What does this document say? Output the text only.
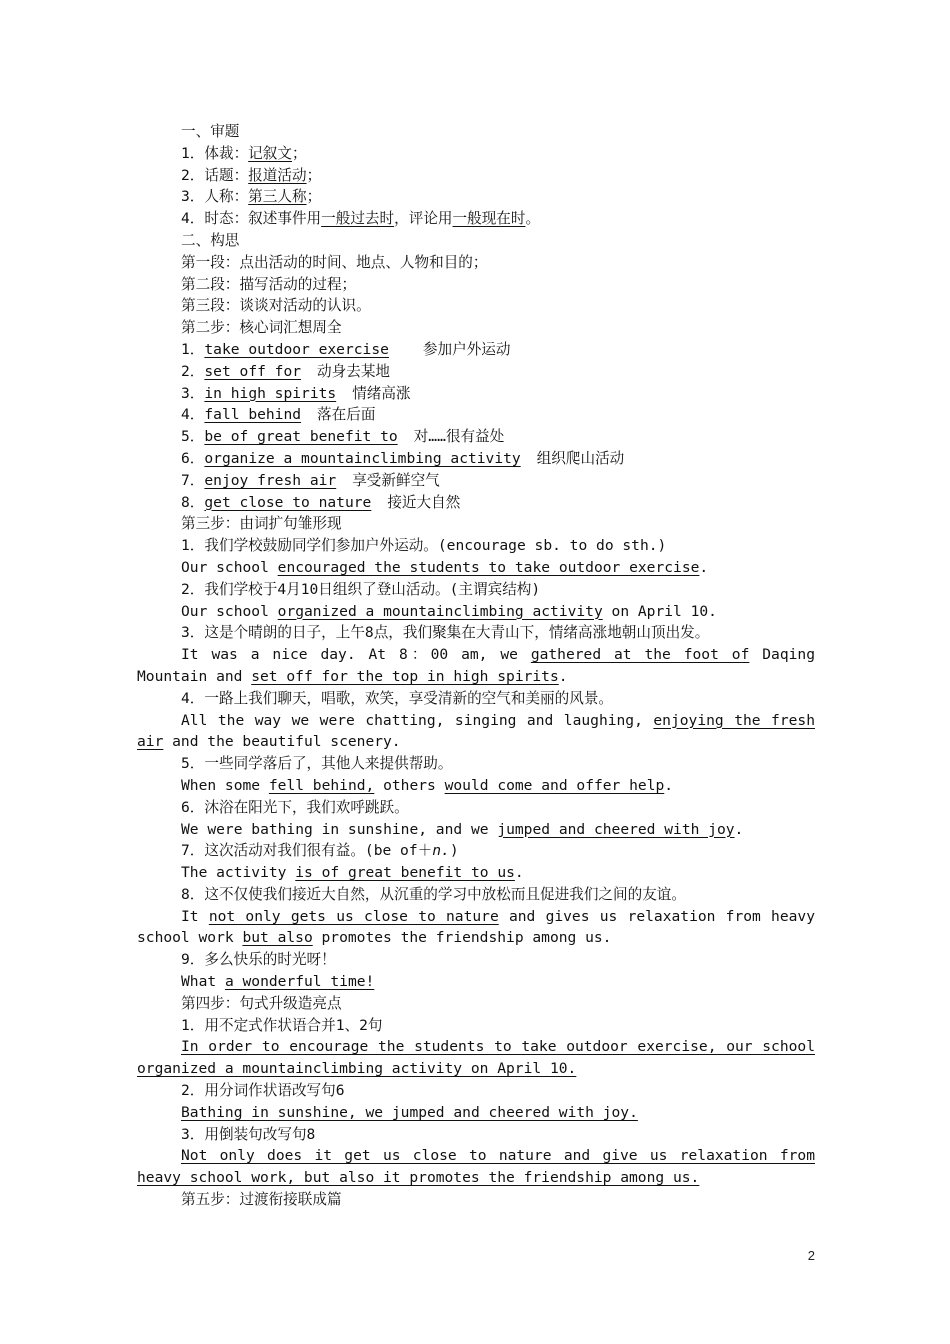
一、审题
1．体裁：记叙文；
2．话题：报道活动；
3．人称：第三人称；
4．时态：叙述事件用一般过去时，评论用一般现在时。
二、构思
第一段：点出活动的时间、地点、人物和目的；
第二段：描写活动的过程；
第三段：谈谈对活动的认识。
第二步：核心词汇想周全
1．take outdoor exercise 参加户外运动
2．set off for 动身去某地
3．in high spirits 情绪高涨
4．fall behind 落在后面
5．be of great benefit to 对……很有益处
6．organize a mountainclimbing activity 组织爬山活动
7．enjoy fresh air 享受新鲜空气
8．get close to nature 接近大自然
第三步：由词扩句雏形现
1．我们学校鼓励同学们参加户外运动。(encourage sb. to do sth.)
Our school encouraged the students to take outdoor exercise.
2．我们学校于4月10日组织了登山活动。(主谓宾结构)
Our school organized a mountainclimbing activity on April 10.
3．这是个晴朗的日子，上午8点，我们聚集在大青山下，情绪高涨地朝山顶出发。
It was a nice day. At 8：00 am, we gathered at the foot of Daqing Mountain and set off for the top in high spirits.
4．一路上我们聊天，唱歌，欢笑，享受清新的空气和美丽的风景。
All the way we were chatting, singing and laughing, enjoying the fresh air and the beautiful scenery.
5．一些同学落后了，其他人来提供帮助。
When some fell behind, others would come and offer help.
6．沐浴在阳光下，我们欢呼跳跃。
We were bathing in sunshine, and we jumped and cheered with joy.
7．这次活动对我们很有益。(be of＋n.)
The activity is of great benefit to us.
8．这不仅使我们接近大自然，从沉重的学习中放松而且促进我们之间的友谊。
It not only gets us close to nature and gives us relaxation from heavy school work but also promotes the friendship among us.
9．多么快乐的时光呀！
What a wonderful time!
第四步：句式升级造亮点
1．用不定式作状语合并1、2句
In order to encourage the students to take outdoor exercise, our school organized a mountainclimbing activity on April 10.
2．用分词作状语改写句6
Bathing in sunshine, we jumped and cheered with joy.
3．用倒装句改写句8
Not only does it get us close to nature and give us relaxation from heavy school work, but also it promotes the friendship among us.
第五步：过渡衔接联成篇
2
